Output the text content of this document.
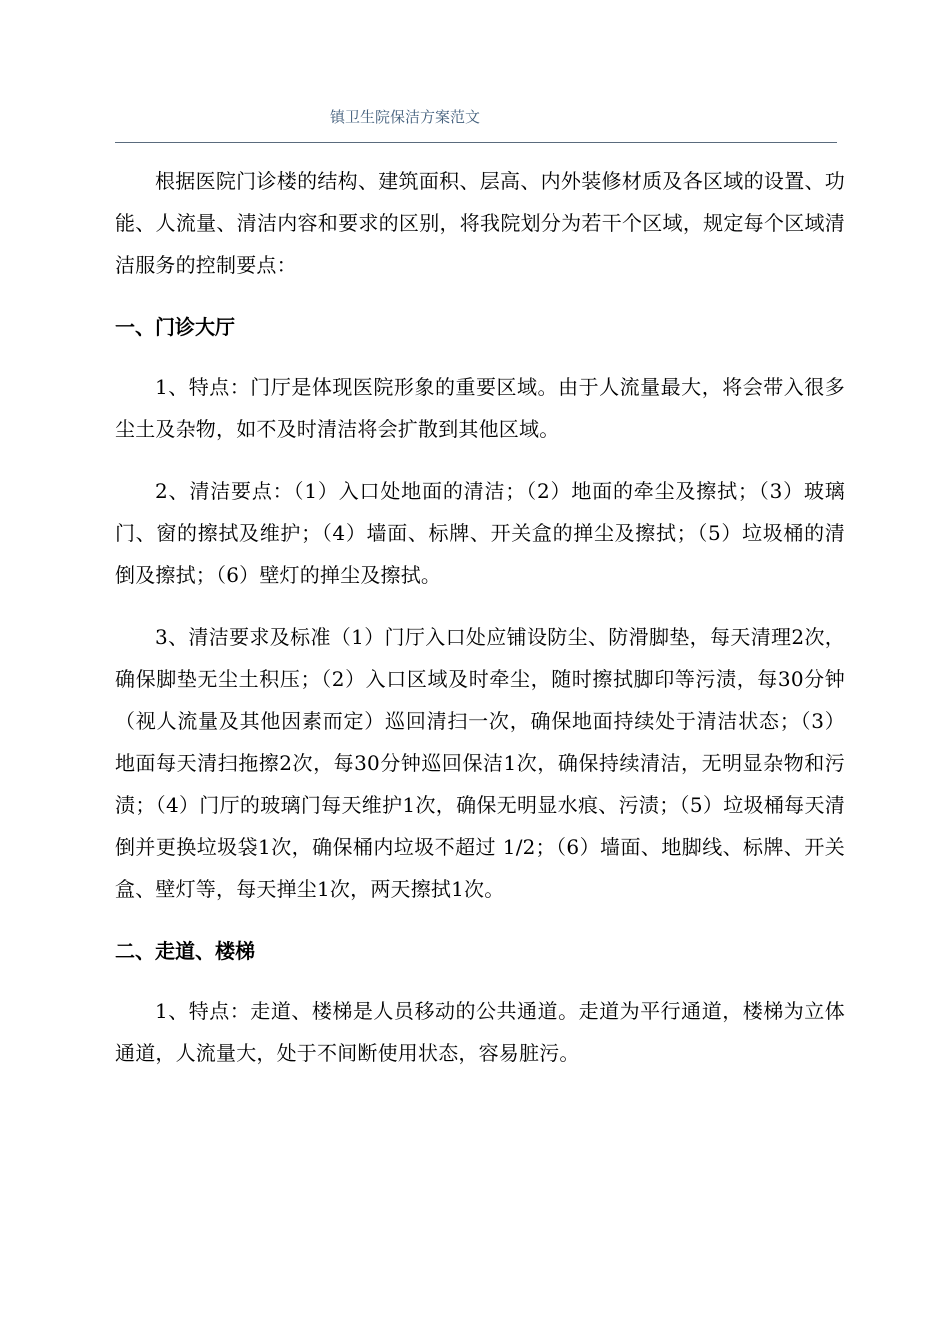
镇卫生院保洁方案范文

根据医院门诊楼的结构、建筑面积、层高、内外装修材质及各区域的设置、功能、人流量、清洁内容和要求的区别，将我院划分为若干个区域，规定每个区域清洁服务的控制要点：

一、门诊大厅

1、特点：门厅是体现医院形象的重要区域。由于人流量最大，将会带入很多尘土及杂物，如不及时清洁将会扩散到其他区域。

2、清洁要点：（1）入口处地面的清洁；（2）地面的牵尘及擦拭；（3）玻璃门、窗的擦拭及维护；（4）墙面、标牌、开关盒的掸尘及擦拭；（5）垃圾桶的清倒及擦拭；（6）壁灯的掸尘及擦拭。

3、清洁要求及标准（1）门厅入口处应铺设防尘、防滑脚垫，每天清理2次，确保脚垫无尘土积压；（2）入口区域及时牵尘，随时擦拭脚印等污渍，每30分钟（视人流量及其他因素而定）巡回清扫一次，确保地面持续处于清洁状态；（3）地面每天清扫拖擦2次，每30分钟巡回保洁1次，确保持续清洁，无明显杂物和污渍；（4）门厅的玻璃门每天维护1次，确保无明显水痕、污渍；（5）垃圾桶每天清倒并更换垃圾袋1次，确保桶内垃圾不超过 1/2；（6）墙面、地脚线、标牌、开关盒、壁灯等，每天掸尘1次，两天擦拭1次。

二、走道、楼梯

1、特点：走道、楼梯是人员移动的公共通道。走道为平行通道，楼梯为立体通道，人流量大，处于不间断使用状态，容易脏污。
